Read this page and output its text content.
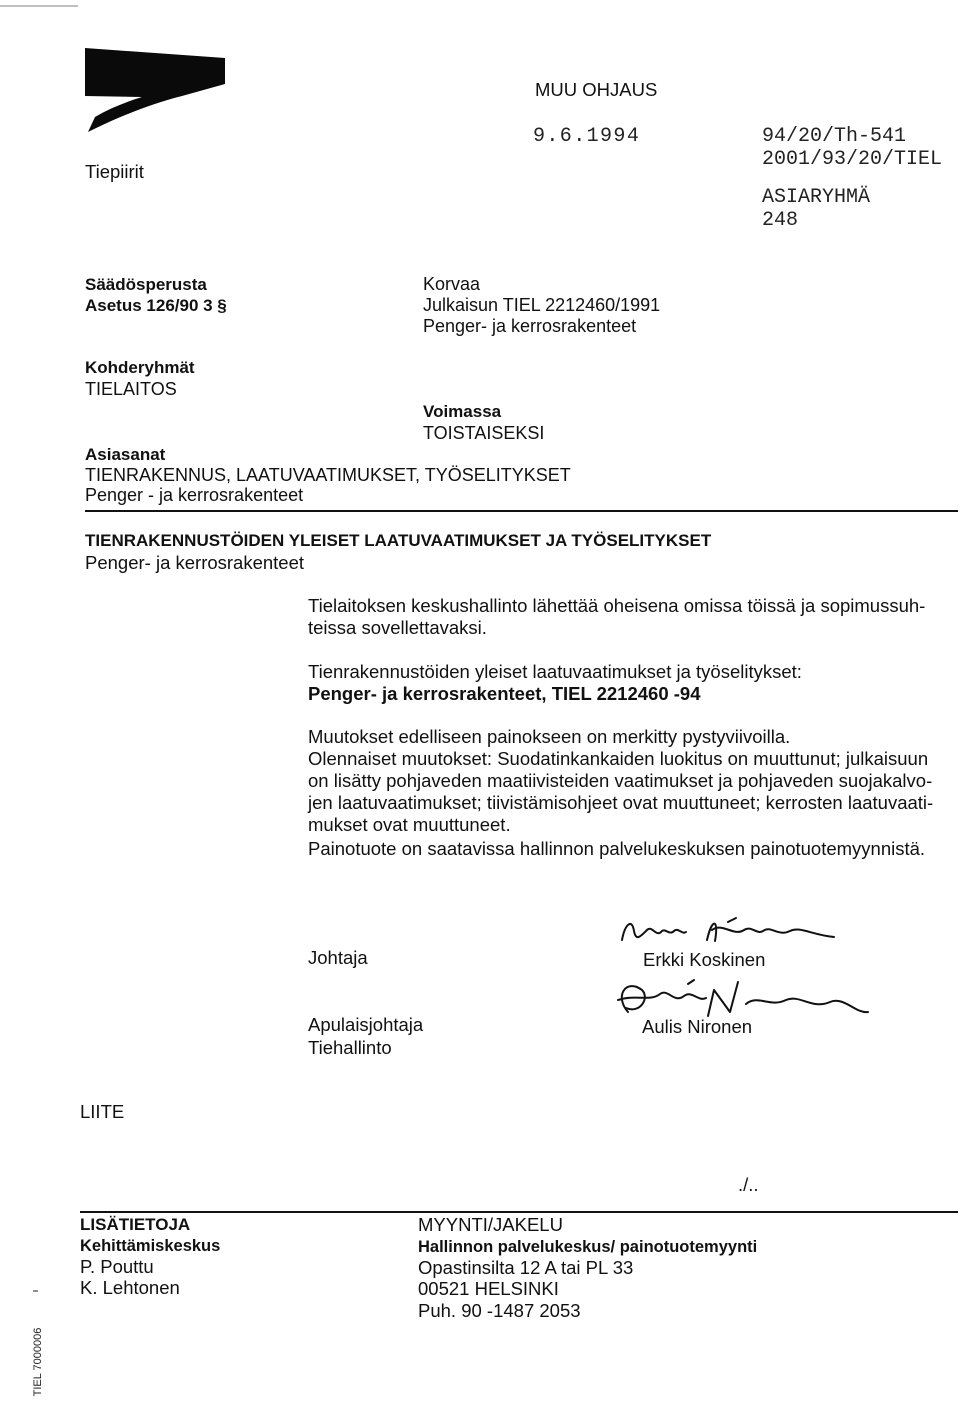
MUU OHJAUS
Tiepiirit
9.6.1994	94/20/Th-541
2001/93/20/TIEL
ASIARYHMÄ
248
Säädösperusta
Asetus 126/90 3 §
Korvaa
Julkaisun TIEL 2212460/1991
Penger- ja kerrosrakenteet
Kohderyhmät
TIELAITOS
Voimassa
TOISTAISEKSI
Asiasanat
TIENRAKENNUS, LAATUVAATIMUKSET, TYÖSELITYKSET
Penger - ja kerrosrakenteet
TIENRAKENNUSTÖIDEN YLEISET LAATUVAATIMUKSET JA TYÖSELITYKSET
Penger- ja kerrosrakenteet
Tielaitoksen keskushallinto lähettää oheisena omissa töissä ja sopimussuh-
teissa sovellettavaksi.
Tienrakennustöiden yleiset laatuvaatimukset ja työselitykset:
Penger- ja kerrosrakenteet, TIEL 2212460 -94
Muutokset edelliseen painokseen on merkitty pystyviivoilla.
Olennaiset muutokset: Suodatinkankaiden luokitus on muuttunut; julkaisuun
on lisätty pohjaveden maatiivisteiden vaatimukset ja pohjaveden suojakalvo-
jen laatuvaatimukset; tiivistämisohjeet ovat muuttuneet; kerrosten laatuvaati-
mukset ovat muuttuneet.
Painotuote on saatavissa hallinnon palvelukeskuksen painotuotemyynnistä.
Johtaja	Erkki Koskinen
Apulaisjohtaja
Tiehallinto
Aulis Nironen
LIITE
./..
LISÄTIETOJA
Kehittämiskeskus
P. Pouttu
K. Lehtonen
MYYNTI/JAKELU
Hallinnon palvelukeskus/ painotuotemyynti
Opastinsilta 12 A tai PL 33
00521 HELSINKI
Puh. 90 -1487 2053
TIEL 7000006
